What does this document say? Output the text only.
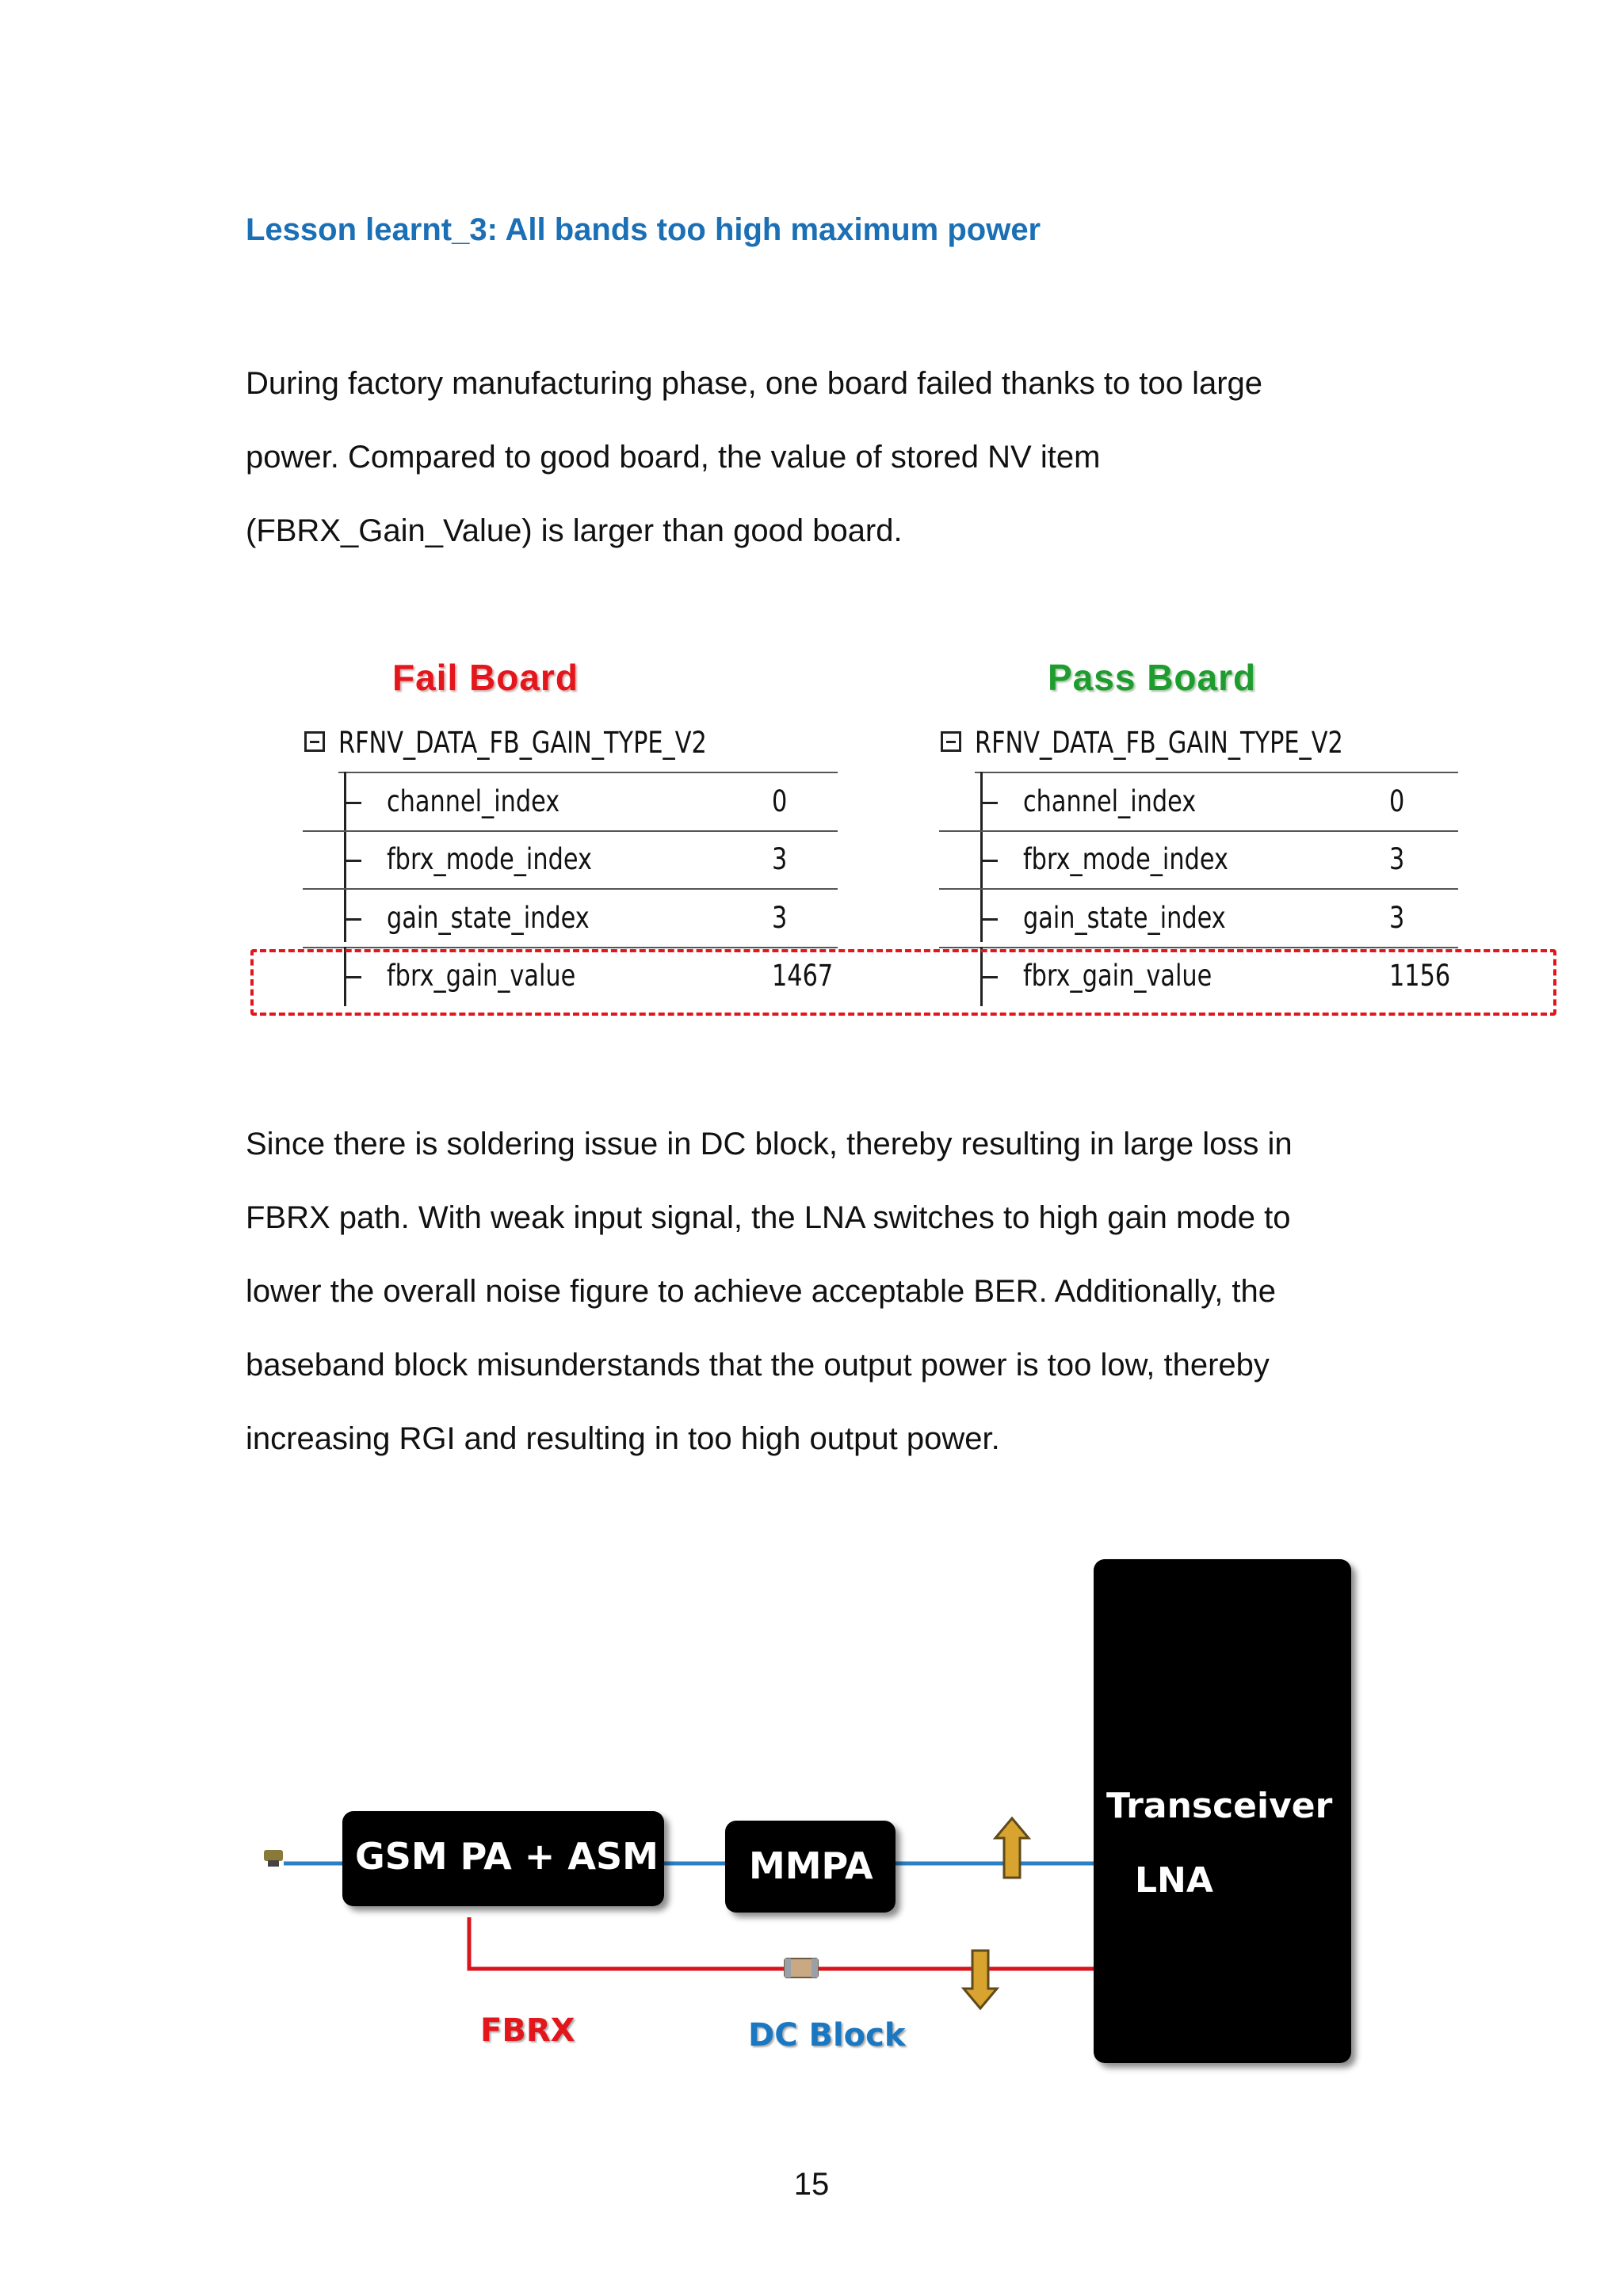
Lesson learnt_3: All bands too high maximum power

During factory manufacturing phase, one board failed thanks to too large

power. Compared to good board, the value of stored NV item

(FBRX_Gain_Value) is larger than good board.

Fail Board	Pass Board
RFNV_DATA_FB_GAIN_TYPE_V2
channel_index	0
fbrx_mode_index	3
gain_state_index	3
fbrx_gain_value	1467
RFNV_DATA_FB_GAIN_TYPE_V2
channel_index	0
fbrx_mode_index	3
gain_state_index	3
fbrx_gain_value	1156

Since there is soldering issue in DC block, thereby resulting in large loss in

FBRX path. With weak input signal, the LNA switches to high gain mode to

lower the overall noise figure to achieve acceptable BER. Additionally, the

baseband block misunderstands that the output power is too low, thereby

increasing RGI and resulting in too high output power.

GSM PA + ASM MMPA
Transceiver
LNA
FBRX	DC Block
15
